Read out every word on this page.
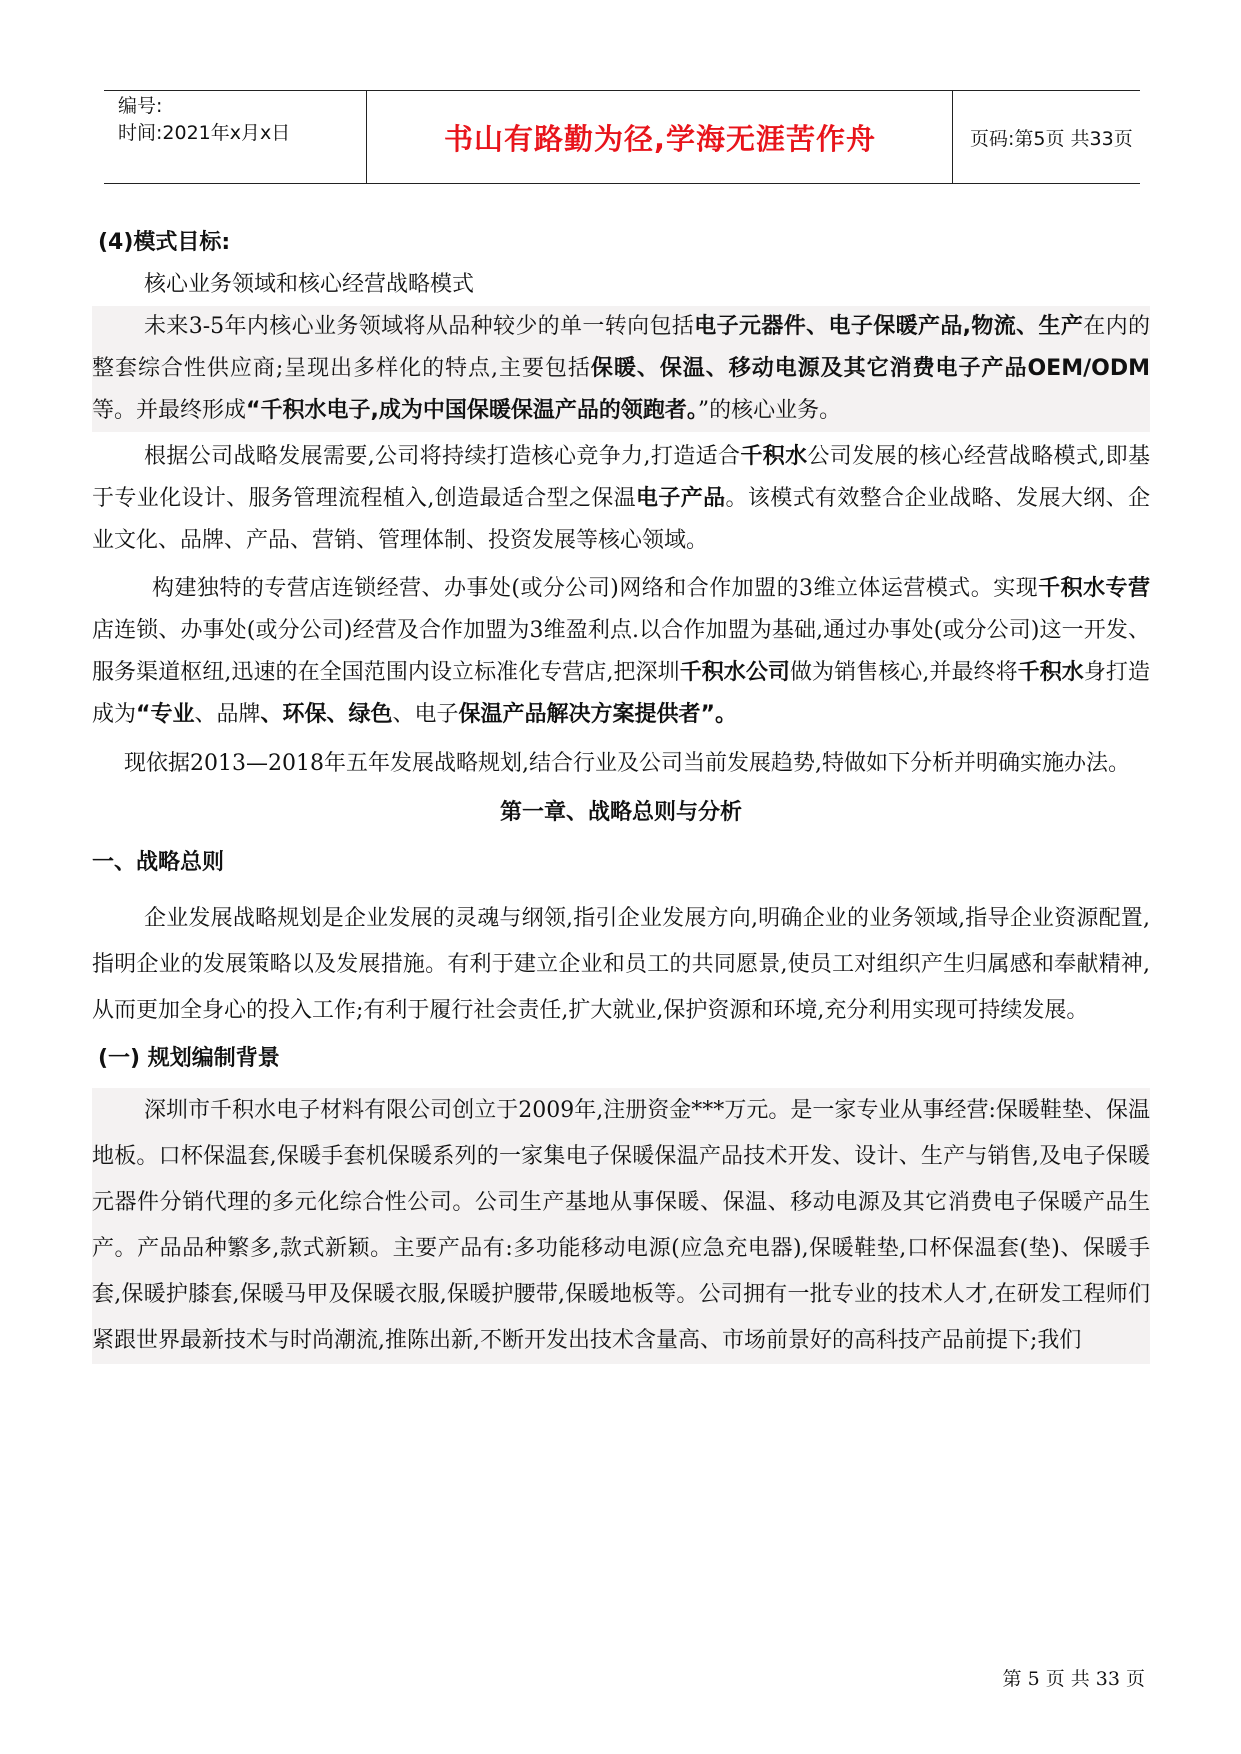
编号:
时间:2021年x月x日	书山有路勤为径,学海无涯苦作舟	页码:第5页 共33页

(4)模式目标:

核心业务领域和核心经营战略模式

未来3-5年内核心业务领域将从品种较少的单一转向包括电子元器件、电子保暖产品,物流、生产在内的整套综合性供应商;呈现出多样化的特点,主要包括保暖、保温、移动电源及其它消费电子产品OEM/ODM等。并最终形成“千积水电子,成为中国保暖保温产品的领跑者。”的核心业务。

根据公司战略发展需要,公司将持续打造核心竞争力,打造适合千积水公司发展的核心经营战略模式,即基于专业化设计、服务管理流程植入,创造最适合型之保温电子产品。该模式有效整合企业战略、发展大纲、企业文化、品牌、产品、营销、管理体制、投资发展等核心领域。

构建独特的专营店连锁经营、办事处(或分公司)网络和合作加盟的3维立体运营模式。实现千积水专营店连锁、办事处(或分公司)经营及合作加盟为3维盈利点.以合作加盟为基础,通过办事处(或分公司)这一开发、服务渠道枢纽,迅速的在全国范围内设立标准化专营店,把深圳千积水公司做为销售核心,并最终将千积水身打造成为“专业、品牌、环保、绿色、电子保温产品解决方案提供者”。

现依据2013—2018年五年发展战略规划,结合行业及公司当前发展趋势,特做如下分析并明确实施办法。

第一章、战略总则与分析

一、战略总则

企业发展战略规划是企业发展的灵魂与纲领,指引企业发展方向,明确企业的业务领域,指导企业资源配置,指明企业的发展策略以及发展措施。有利于建立企业和员工的共同愿景,使员工对组织产生归属感和奉献精神,从而更加全身心的投入工作;有利于履行社会责任,扩大就业,保护资源和环境,充分利用实现可持续发展。

(一) 规划编制背景

深圳市千积水电子材料有限公司创立于2009年,注册资金***万元。是一家专业从事经营:保暖鞋垫、保温地板。口杯保温套,保暖手套机保暖系列的一家集电子保暖保温产品技术开发、设计、生产与销售,及电子保暖元器件分销代理的多元化综合性公司。公司生产基地从事保暖、保温、移动电源及其它消费电子保暖产品生产。产品品种繁多,款式新颖。主要产品有:多功能移动电源(应急充电器),保暖鞋垫,口杯保温套(垫)、保暖手套,保暖护膝套,保暖马甲及保暖衣服,保暖护腰带,保暖地板等。公司拥有一批专业的技术人才,在研发工程师们紧跟世界最新技术与时尚潮流,推陈出新,不断开发出技术含量高、市场前景好的高科技产品前提下;我们

第 5 页 共 33 页
